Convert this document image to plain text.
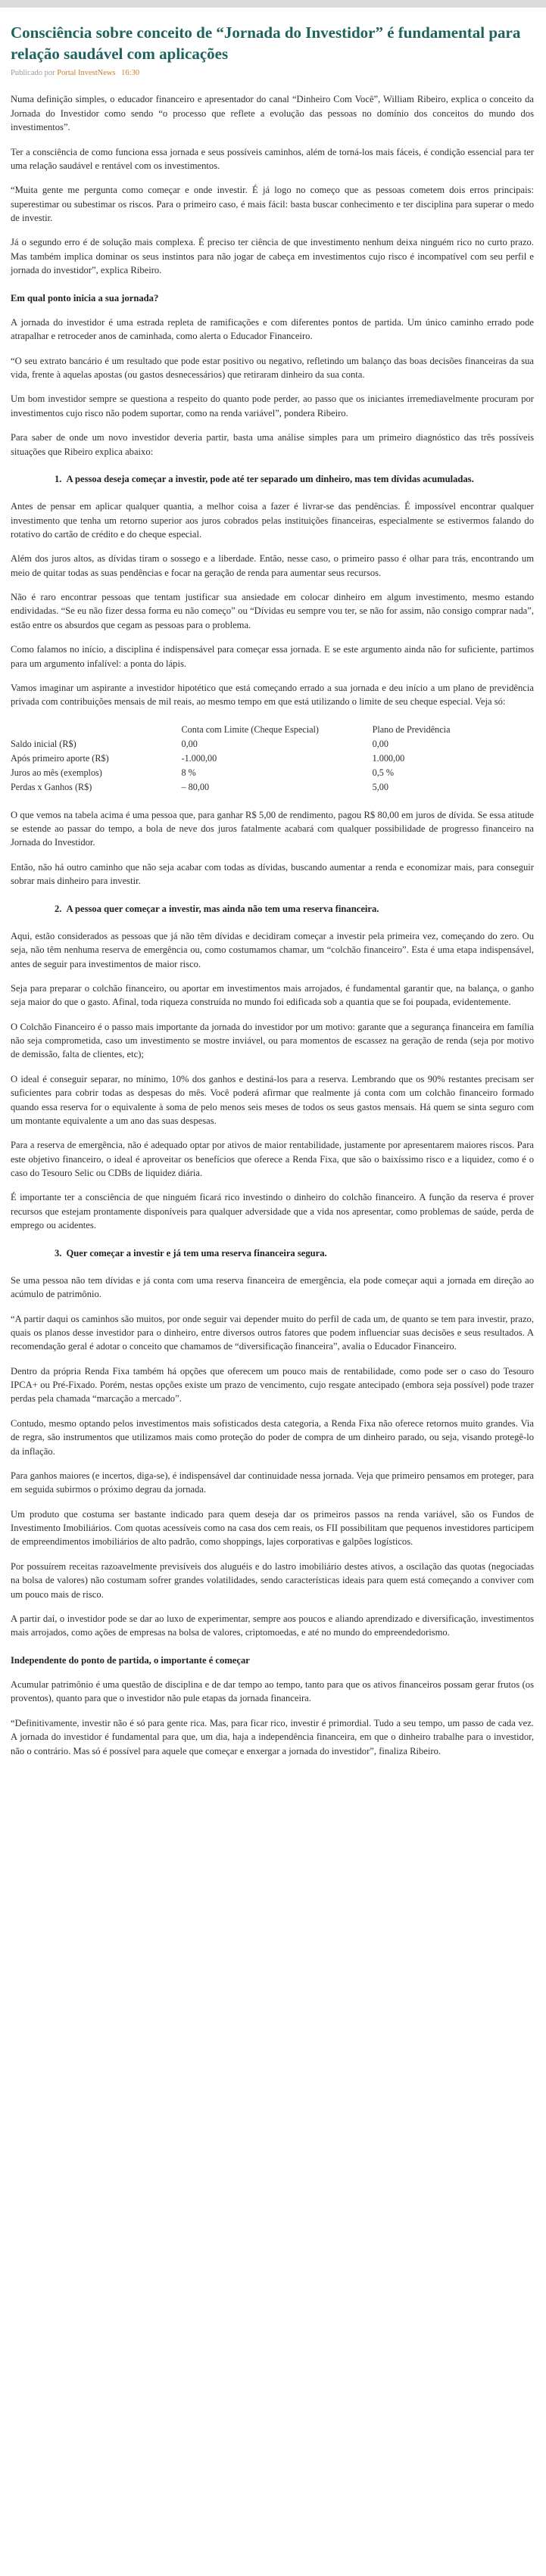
Consciência sobre conceito de “Jornada do Investidor” é fundamental para relação saudável com aplicações
Publicado por Portal InvestNews 16:30

Numa definição simples, o educador financeiro e apresentador do canal “Dinheiro Com Você”, William Ribeiro, explica o conceito da Jornada do Investidor como sendo “o processo que reflete a evolução das pessoas no domínio dos conceitos do mundo dos investimentos”.

Ter a consciência de como funciona essa jornada e seus possíveis caminhos, além de torná-los mais fáceis, é condição essencial para ter uma relação saudável e rentável com os investimentos.

“Muita gente me pergunta como começar e onde investir. É já logo no começo que as pessoas cometem dois erros principais: superestimar ou subestimar os riscos. Para o primeiro caso, é mais fácil: basta buscar conhecimento e ter disciplina para superar o medo de investir.

Já o segundo erro é de solução mais complexa. É preciso ter ciência de que investimento nenhum deixa ninguém rico no curto prazo. Mas também implica dominar os seus instintos para não jogar de cabeça em investimentos cujo risco é incompatível com seu perfil e jornada do investidor”, explica Ribeiro.

Em qual ponto inicia a sua jornada?

A jornada do investidor é uma estrada repleta de ramificações e com diferentes pontos de partida. Um único caminho errado pode atrapalhar e retroceder anos de caminhada, como alerta o Educador Financeiro.

“O seu extrato bancário é um resultado que pode estar positivo ou negativo, refletindo um balanço das boas decisões financeiras da sua vida, frente à aquelas apostas (ou gastos desnecessários) que retiraram dinheiro da sua conta.

Um bom investidor sempre se questiona a respeito do quanto pode perder, ao passo que os iniciantes irremediavelmente procuram por investimentos cujo risco não podem suportar, como na renda variável”, pondera Ribeiro.

Para saber de onde um novo investidor deveria partir, basta uma análise simples para um primeiro diagnóstico das três possíveis situações que Ribeiro explica abaixo:

1. A pessoa deseja começar a investir, pode até ter separado um dinheiro, mas tem dívidas acumuladas.

Antes de pensar em aplicar qualquer quantia, a melhor coisa a fazer é livrar-se das pendências. É impossível encontrar qualquer investimento que tenha um retorno superior aos juros cobrados pelas instituições financeiras, especialmente se estivermos falando do rotativo do cartão de crédito e do cheque especial.

Além dos juros altos, as dívidas tiram o sossego e a liberdade. Então, nesse caso, o primeiro passo é olhar para trás, encontrando um meio de quitar todas as suas pendências e focar na geração de renda para aumentar seus recursos.

Não é raro encontrar pessoas que tentam justificar sua ansiedade em colocar dinheiro em algum investimento, mesmo estando endividadas. “Se eu não fizer dessa forma eu não começo” ou “Dívidas eu sempre vou ter, se não for assim, não consigo comprar nada”, estão entre os absurdos que cegam as pessoas para o problema.

Como falamos no início, a disciplina é indispensável para começar essa jornada. E se este argumento ainda não for suficiente, partimos para um argumento infalível: a ponta do lápis.

Vamos imaginar um aspirante a investidor hipotético que está começando errado a sua jornada e deu início a um plano de previdência privada com contribuições mensais de mil reais, ao mesmo tempo em que está utilizando o limite de seu cheque especial. Veja só:

	Conta com Limite (Cheque Especial)	Plano de Previdência
Saldo inicial (R$)	0,00	0,00
Após primeiro aporte (R$)	-1.000,00	1.000,00
Juros ao mês (exemplos)	8 %	0,5 %
Perdas x Ganhos (R$)	– 80,00	5,00

O que vemos na tabela acima é uma pessoa que, para ganhar R$ 5,00 de rendimento, pagou R$ 80,00 em juros de dívida. Se essa atitude se estende ao passar do tempo, a bola de neve dos juros fatalmente acabará com qualquer possibilidade de progresso financeiro na Jornada do Investidor.

Então, não há outro caminho que não seja acabar com todas as dívidas, buscando aumentar a renda e economizar mais, para conseguir sobrar mais dinheiro para investir.

2. A pessoa quer começar a investir, mas ainda não tem uma reserva financeira.

Aqui, estão considerados as pessoas que já não têm dívidas e decidiram começar a investir pela primeira vez, começando do zero. Ou seja, não têm nenhuma reserva de emergência ou, como costumamos chamar, um “colchão financeiro”. Esta é uma etapa indispensável, antes de seguir para investimentos de maior risco.

Seja para preparar o colchão financeiro, ou aportar em investimentos mais arrojados, é fundamental garantir que, na balança, o ganho seja maior do que o gasto. Afinal, toda riqueza construída no mundo foi edificada sob a quantia que se foi poupada, evidentemente.

O Colchão Financeiro é o passo mais importante da jornada do investidor por um motivo: garante que a segurança financeira em família não seja comprometida, caso um investimento se mostre inviável, ou para momentos de escassez na geração de renda (seja por motivo de demissão, falta de clientes, etc);

O ideal é conseguir separar, no mínimo, 10% dos ganhos e destiná-los para a reserva. Lembrando que os 90% restantes precisam ser suficientes para cobrir todas as despesas do mês. Você poderá afirmar que realmente já conta com um colchão financeiro formado quando essa reserva for o equivalente à soma de pelo menos seis meses de todos os seus gastos mensais. Há quem se sinta seguro com um montante equivalente a um ano das suas despesas.

Para a reserva de emergência, não é adequado optar por ativos de maior rentabilidade, justamente por apresentarem maiores riscos. Para este objetivo financeiro, o ideal é aproveitar os benefícios que oferece a Renda Fixa, que são o baixíssimo risco e a liquidez, como é o caso do Tesouro Selic ou CDBs de liquidez diária.

É importante ter a consciência de que ninguém ficará rico investindo o dinheiro do colchão financeiro. A função da reserva é prover recursos que estejam prontamente disponíveis para qualquer adversidade que a vida nos apresentar, como problemas de saúde, perda de emprego ou acidentes.

3. Quer começar a investir e já tem uma reserva financeira segura.

Se uma pessoa não tem dívidas e já conta com uma reserva financeira de emergência, ela pode começar aqui a jornada em direção ao acúmulo de patrimônio.

“A partir daqui os caminhos são muitos, por onde seguir vai depender muito do perfil de cada um, de quanto se tem para investir, prazo, quais os planos desse investidor para o dinheiro, entre diversos outros fatores que podem influenciar suas decisões e seus resultados. A recomendação geral é adotar o conceito que chamamos de “diversificação financeira”, avalia o Educador Financeiro.

Dentro da própria Renda Fixa também há opções que oferecem um pouco mais de rentabilidade, como pode ser o caso do Tesouro IPCA+ ou Pré-Fixado. Porém, nestas opções existe um prazo de vencimento, cujo resgate antecipado (embora seja possível) pode trazer perdas pela chamada “marcação a mercado”.

Contudo, mesmo optando pelos investimentos mais sofisticados desta categoria, a Renda Fixa não oferece retornos muito grandes. Via de regra, são instrumentos que utilizamos mais como proteção do poder de compra de um dinheiro parado, ou seja, visando protegê-lo da inflação.

Para ganhos maiores (e incertos, diga-se), é indispensável dar continuidade nessa jornada. Veja que primeiro pensamos em proteger, para em seguida subirmos o próximo degrau da jornada.

Um produto que costuma ser bastante indicado para quem deseja dar os primeiros passos na renda variável, são os Fundos de Investimento Imobiliários. Com quotas acessíveis como na casa dos cem reais, os FII possibilitam que pequenos investidores participem de empreendimentos imobiliários de alto padrão, como shoppings, lajes corporativas e galpões logísticos.

Por possuírem receitas razoavelmente previsíveis dos aluguéis e do lastro imobiliário destes ativos, a oscilação das quotas (negociadas na bolsa de valores) não costumam sofrer grandes volatilidades, sendo características ideais para quem está começando a conviver com um pouco mais de risco.

A partir daí, o investidor pode se dar ao luxo de experimentar, sempre aos poucos e aliando aprendizado e diversificação, investimentos mais arrojados, como ações de empresas na bolsa de valores, criptomoedas, e até no mundo do empreendedorismo.

Independente do ponto de partida, o importante é começar

Acumular patrimônio é uma questão de disciplina e de dar tempo ao tempo, tanto para que os ativos financeiros possam gerar frutos (os proventos), quanto para que o investidor não pule etapas da jornada financeira.

“Definitivamente, investir não é só para gente rica. Mas, para ficar rico, investir é primordial. Tudo a seu tempo, um passo de cada vez. A jornada do investidor é fundamental para que, um dia, haja a independência financeira, em que o dinheiro trabalhe para o investidor, não o contrário. Mas só é possível para aquele que começar e enxergar a jornada do investidor”, finaliza Ribeiro.
